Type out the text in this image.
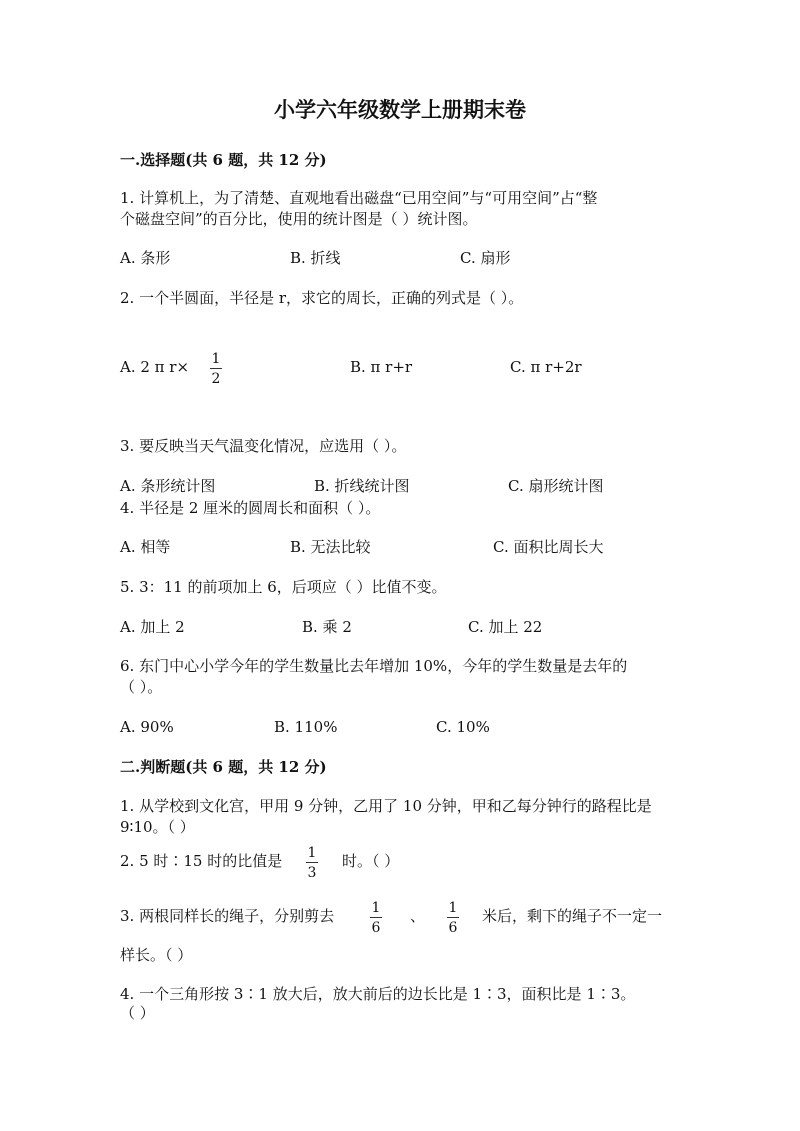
小学六年级数学上册期末卷
一.选择题(共 6 题，共 12 分)
1. 计算机上，为了清楚、直观地看出磁盘“已用空间”与“可用空间”占“整
个磁盘空间”的百分比，使用的统计图是（ ）统计图。
A. 条形	B. 折线	C. 扇形
2. 一个半圆面，半径是 r，求它的周长，正确的列式是（ ）。
A. 2 π r× 1
2
B. π r+r	C. π r+2r
3. 要反映当天气温变化情况，应选用（ ）。
A. 条形统计图	B. 折线统计图	C. 扇形统计图
4. 半径是 2 厘米的圆周长和面积（ ）。
A. 相等	B. 无法比较	C. 面积比周长大
5. 3：11 的前项加上 6，后项应（ ）比值不变。
A. 加上 2	B. 乘 2	C. 加上 22
6. 东门中心小学今年的学生数量比去年增加 10%，今年的学生数量是去年的
（ ）。
A. 90%	B. 110%	C. 10%
二.判断题(共 6 题，共 12 分)
1. 从学校到文化宫，甲用 9 分钟，乙用了 10 分钟，甲和乙每分钟行的路程比是
9∶10。（ ）
2. 5 时∶15 时的比值是 1
3
时。（ ）
3. 两根同样长的绳子，分别剪去	1
6
、 1
6
米后，剩下的绳子不一定一
样长。（ ）
4. 一个三角形按 3∶1 放大后，放大前后的边长比是 1∶3，面积比是 1∶3。
（ ）
